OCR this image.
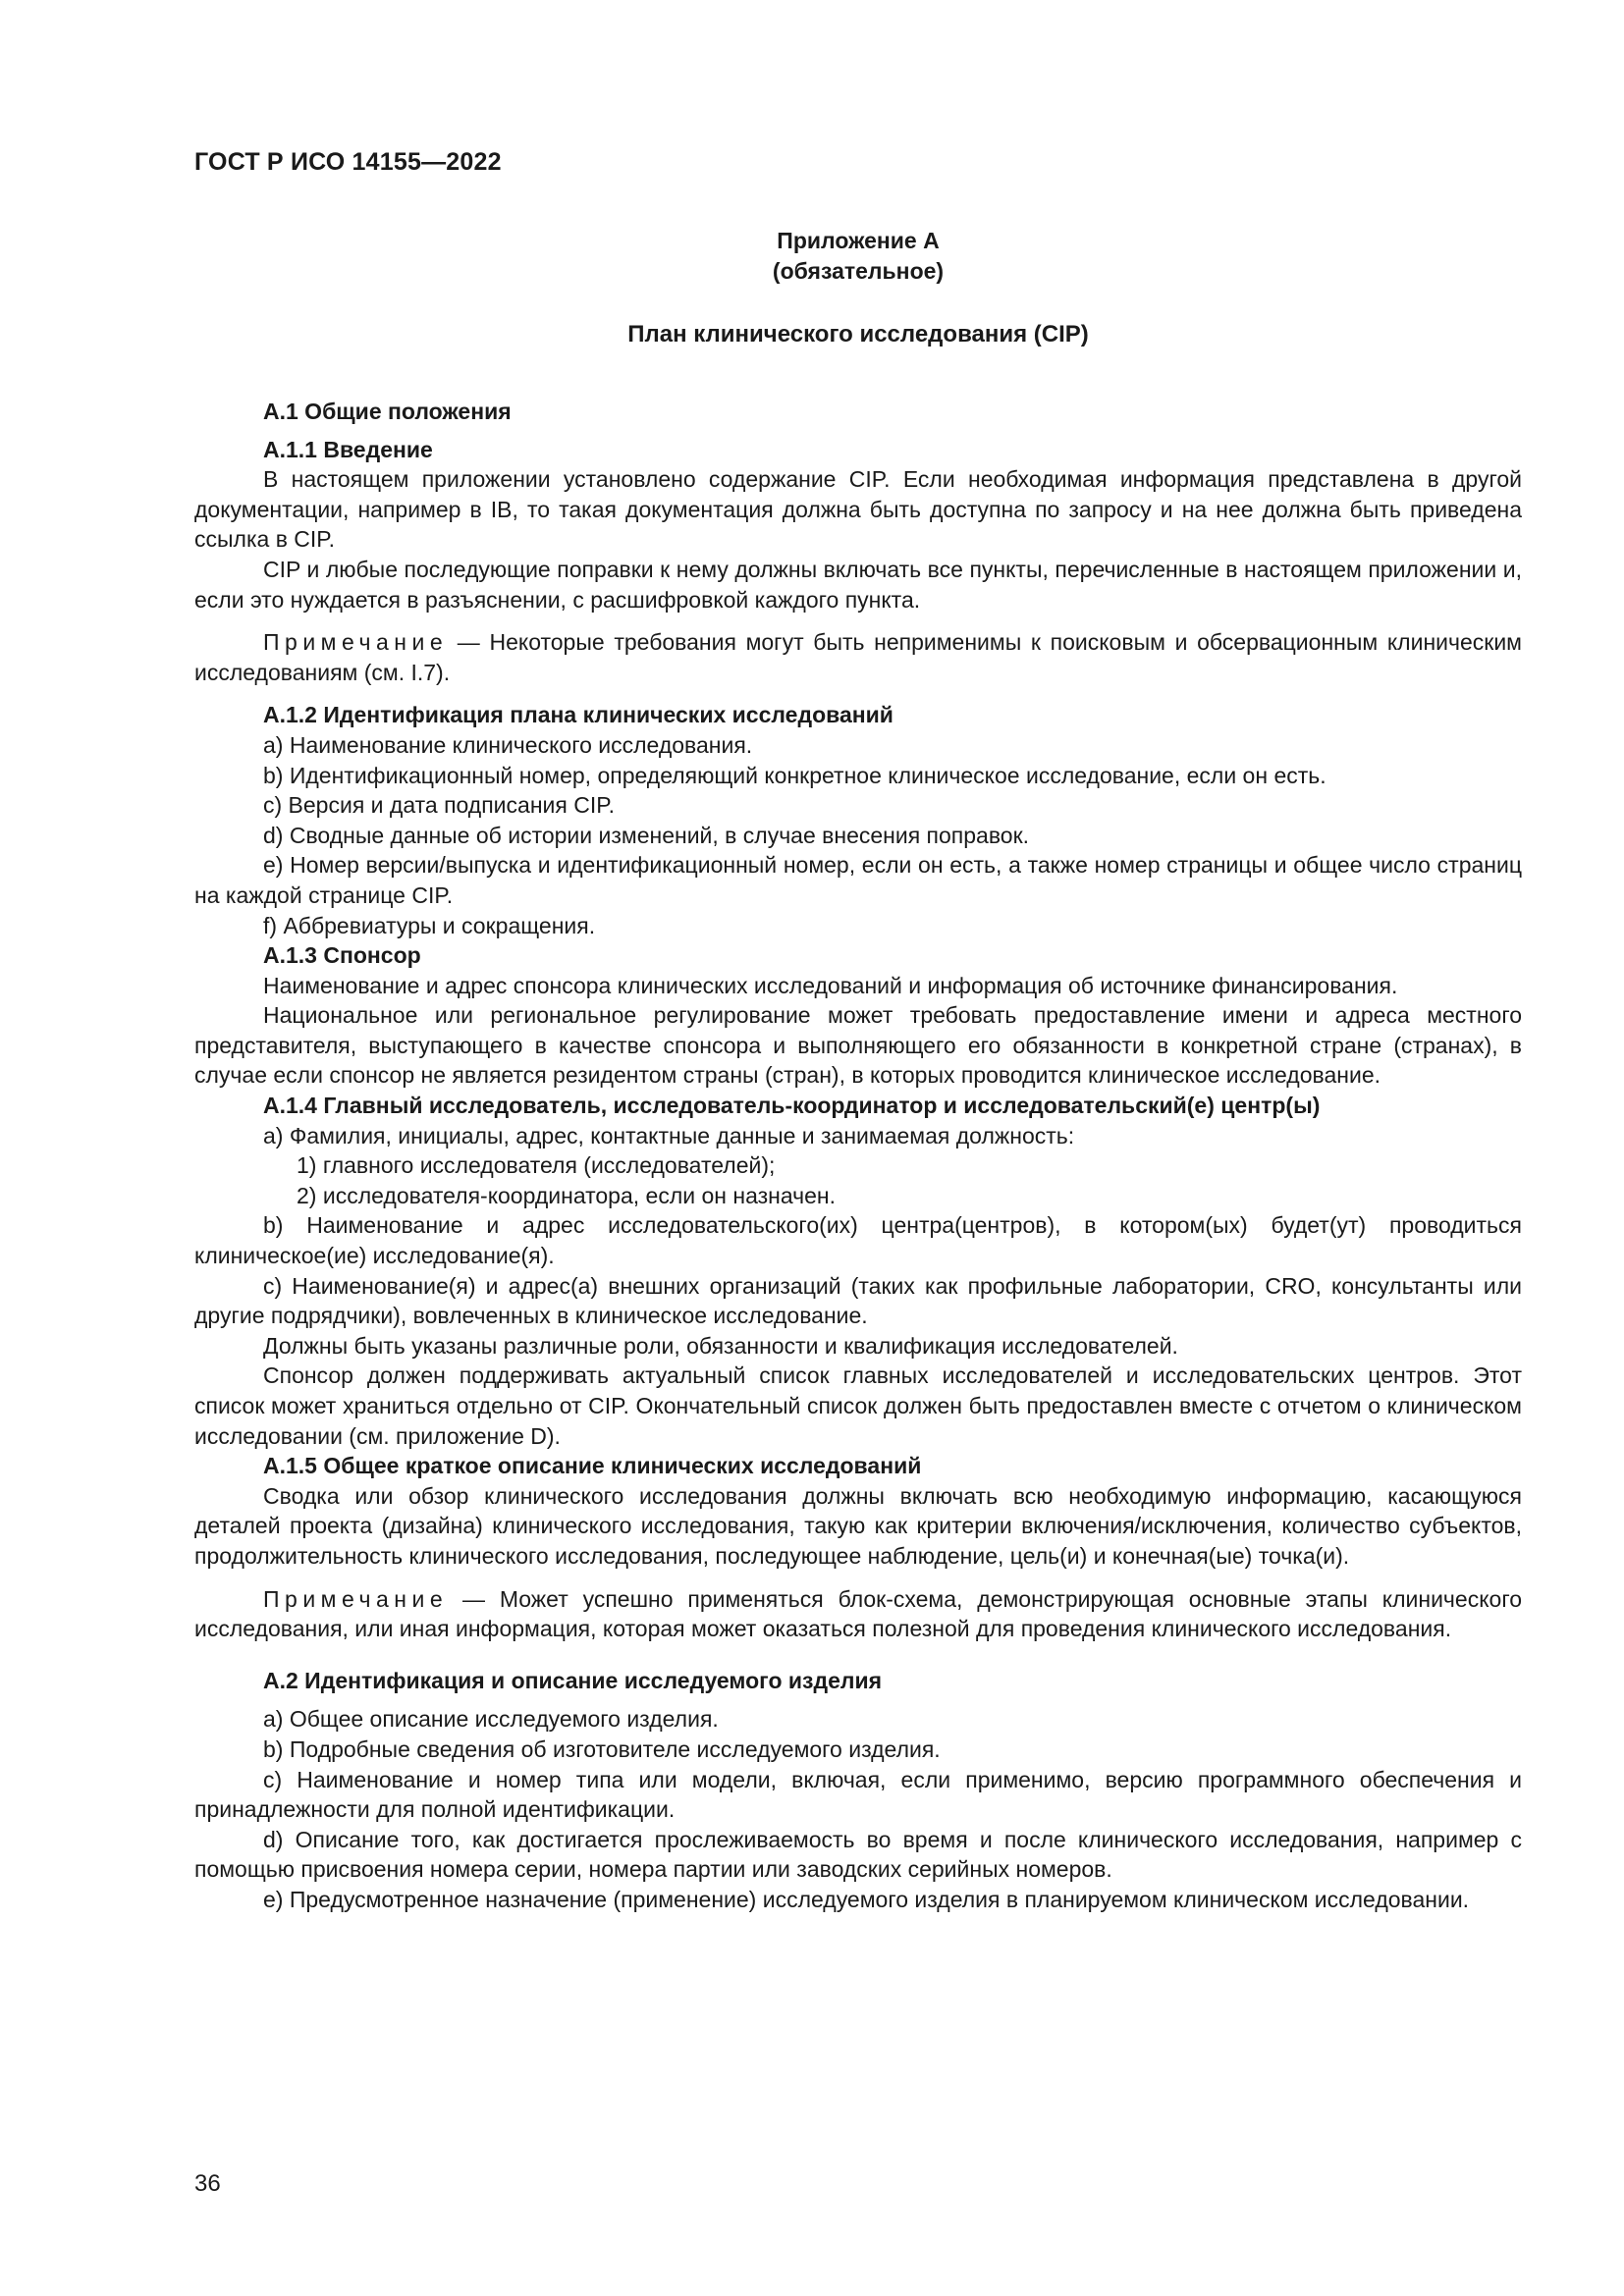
ГОСТ Р ИСО 14155—2022
Приложение А
(обязательное)
План клинического исследования (CIP)

А.1 Общие положения

А.1.1 Введение

В настоящем приложении установлено содержание CIP. Если необходимая информация представлена в другой документации, например в IB, то такая документация должна быть доступна по запросу и на нее должна быть приведена ссылка в CIP.

CIP и любые последующие поправки к нему должны включать все пункты, перечисленные в настоящем приложении и, если это нуждается в разъяснении, с расшифровкой каждого пункта.

Примечание — Некоторые требования могут быть неприменимы к поисковым и обсервационным клиническим исследованиям (см. I.7).

А.1.2 Идентификация плана клинических исследований

a) Наименование клинического исследования.

b) Идентификационный номер, определяющий конкретное клиническое исследование, если он есть.

c) Версия и дата подписания CIP.

d) Сводные данные об истории изменений, в случае внесения поправок.

e) Номер версии/выпуска и идентификационный номер, если он есть, а также номер страницы и общее число страниц на каждой странице CIP.

f) Аббревиатуры и сокращения.

А.1.3 Спонсор

Наименование и адрес спонсора клинических исследований и информация об источнике финансирования.

Национальное или региональное регулирование может требовать предоставление имени и адреса местного представителя, выступающего в качестве спонсора и выполняющего его обязанности в конкретной стране (странах), в случае если спонсор не является резидентом страны (стран), в которых проводится клиническое исследование.

А.1.4 Главный исследователь, исследователь-координатор и исследовательский(е) центр(ы)

a) Фамилия, инициалы, адрес, контактные данные и занимаемая должность:

1) главного исследователя (исследователей);

2) исследователя-координатора, если он назначен.

b) Наименование и адрес исследовательского(их) центра(центров), в котором(ых) будет(ут) проводиться клиническое(ие) исследование(я).

c) Наименование(я) и адрес(а) внешних организаций (таких как профильные лаборатории, CRO, консультанты или другие подрядчики), вовлеченных в клиническое исследование.

Должны быть указаны различные роли, обязанности и квалификация исследователей.

Спонсор должен поддерживать актуальный список главных исследователей и исследовательских центров. Этот список может храниться отдельно от CIP. Окончательный список должен быть предоставлен вместе с отчетом о клиническом исследовании (см. приложение D).

А.1.5 Общее краткое описание клинических исследований

Сводка или обзор клинического исследования должны включать всю необходимую информацию, касающуюся деталей проекта (дизайна) клинического исследования, такую как критерии включения/исключения, количество субъектов, продолжительность клинического исследования, последующее наблюдение, цель(и) и конечная(ые) точка(и).

Примечание — Может успешно применяться блок-схема, демонстрирующая основные этапы клинического исследования, или иная информация, которая может оказаться полезной для проведения клинического исследования.

А.2 Идентификация и описание исследуемого изделия

a) Общее описание исследуемого изделия.

b) Подробные сведения об изготовителе исследуемого изделия.

c) Наименование и номер типа или модели, включая, если применимо, версию программного обеспечения и принадлежности для полной идентификации.

d) Описание того, как достигается прослеживаемость во время и после клинического исследования, например с помощью присвоения номера серии, номера партии или заводских серийных номеров.

e) Предусмотренное назначение (применение) исследуемого изделия в планируемом клиническом исследовании.

36
